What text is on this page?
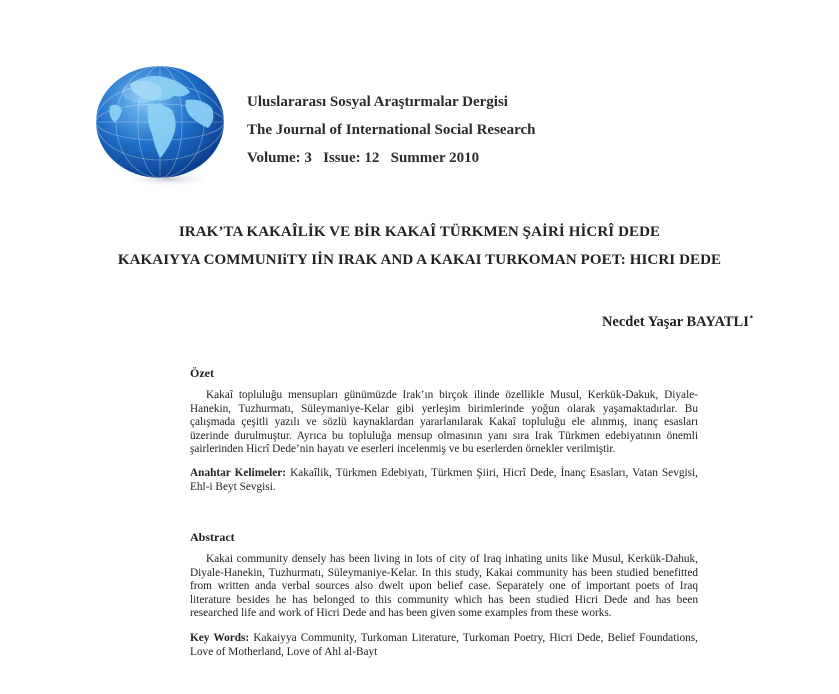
Uluslararası Sosyal Araştırmalar Dergisi
The Journal of International Social Research
Volume: 3   Issue: 12   Summer 2010
IRAK’TA KAKAÎLİK VE BİR KAKAÎ TÜRKMEN ŞAİRİ HİCRÎ DEDE
KAKAIYYA COMMUNIiTY IİN IRAK AND A KAKAI TURKOMAN POET: HICRI DEDE
Necdet Yaşar BAYATLI•
Özet
Kakaî topluluğu mensupları günümüzde Irak’ın birçok ilinde özellikle Musul, Kerkük-Dakuk, Diyale-Hanekin, Tuzhurmatı, Süleymaniye-Kelar gibi yerleşim birimlerinde yoğun olarak yaşamaktadırlar. Bu çalışmada çeşitli yazılı ve sözlü kaynaklardan yararlanılarak Kakaî topluluğu ele alınmış, inanç esasları üzerinde durulmuştur. Ayrıca bu topluluğa mensup olmasının yanı sıra Irak Türkmen edebiyatının önemli şairlerinden Hicrî Dede’nin hayatı ve eserleri incelenmiş ve bu eserlerden örnekler verilmiştir.
Anahtar Kelimeler: Kakaîlik, Türkmen Edebiyatı, Türkmen Şiiri, Hicrî Dede, İnanç Esasları, Vatan Sevgisi, Ehl-i Beyt Sevgisi.
Abstract
Kakai community densely has been living in lots of city of Iraq inhating units like Musul, Kerkük-Dahuk, Diyale-Hanekin, Tuzhurmatı, Süleymaniye-Kelar. In this study, Kakai community has been studied benefitted from written anda verbal sources also dwelt upon belief case. Separately one of important poets of Iraq literature besides he has belonged to this community which has been studied Hicri Dede and has been researched life and work of Hicri Dede and has been given some examples from these works.
Key Words: Kakaiyya Community, Turkoman Literature, Turkoman Poetry, Hicri Dede, Belief Foundations, Love of Motherland, Love of Ahl al-Bayt
